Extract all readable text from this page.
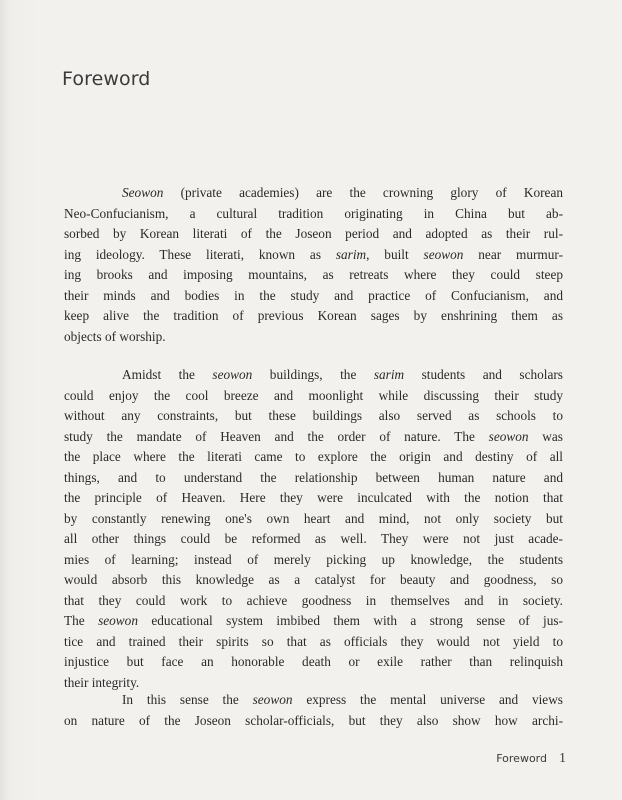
Foreword
Seowon (private academies) are the crowning glory of Korean
Neo-Confucianism, a cultural tradition originating in China but ab-
sorbed by Korean literati of the Joseon period and adopted as their rul-
ing ideology. These literati, known as sarim, built seowon near murmur-
ing brooks and imposing mountains, as retreats where they could steep
their minds and bodies in the study and practice of Confucianism, and
keep alive the tradition of previous Korean sages by enshrining them as
objects of worship.
Amidst the seowon buildings, the sarim students and scholars
could enjoy the cool breeze and moonlight while discussing their study
without any constraints, but these buildings also served as schools to
study the mandate of Heaven and the order of nature. The seowon was
the place where the literati came to explore the origin and destiny of all
things, and to understand the relationship between human nature and
the principle of Heaven. Here they were inculcated with the notion that
by constantly renewing one's own heart and mind, not only society but
all other things could be reformed as well. They were not just acade-
mies of learning; instead of merely picking up knowledge, the students
would absorb this knowledge as a catalyst for beauty and goodness, so
that they could work to achieve goodness in themselves and in society.
The seowon educational system imbibed them with a strong sense of jus-
tice and trained their spirits so that as officials they would not yield to
injustice but face an honorable death or exile rather than relinquish
their integrity.
In this sense the seowon express the mental universe and views
on nature of the Joseon scholar-officials, but they also show how archi-
Foreword 1
